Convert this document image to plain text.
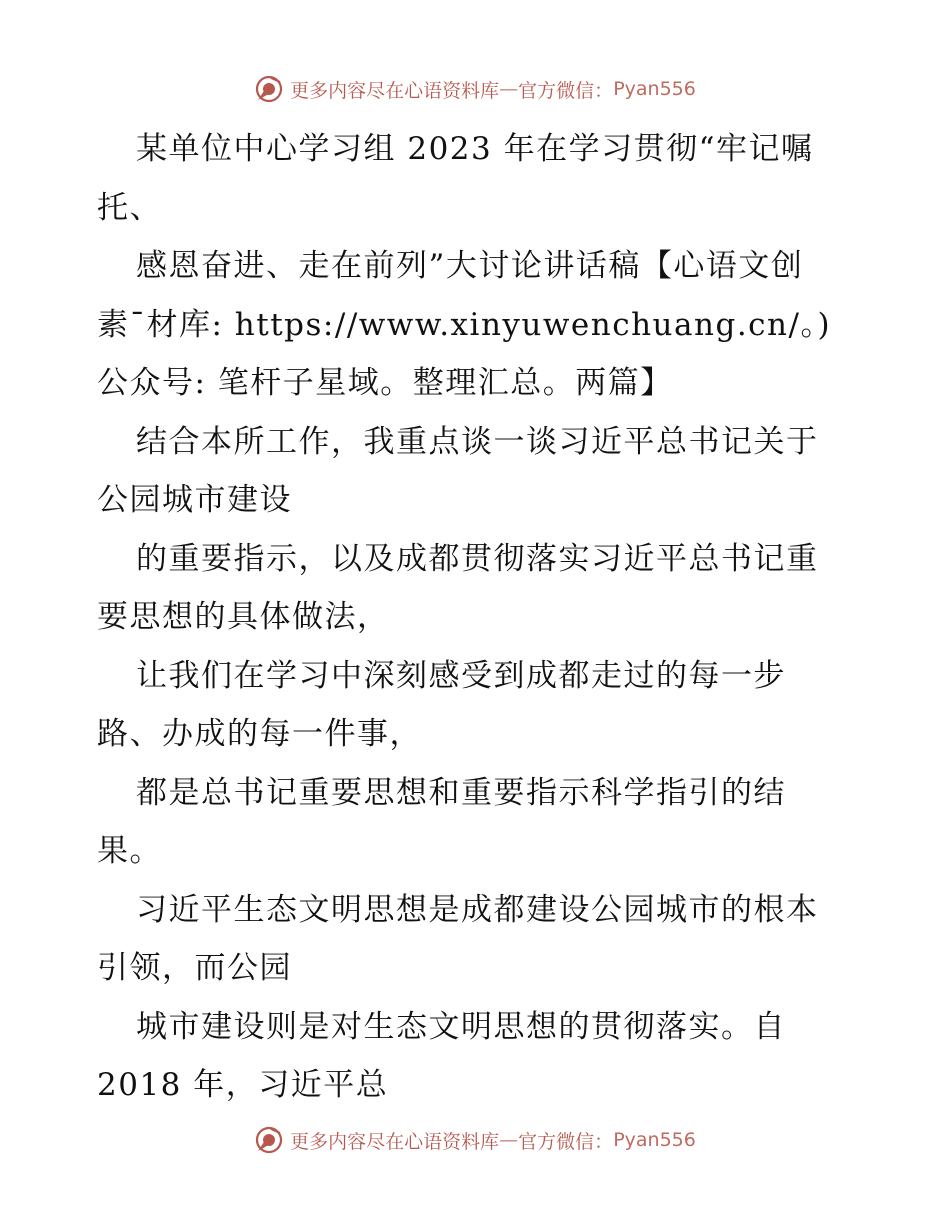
更多内容尽在心语资料库 — 官方微信： Pyan556

某单位中心学习组 2023 年在学习贯彻“牢记嘱

托、

感恩奋进、走在前列”大讨论讲话稿【心语文创

素¯材库: https://www.xinyuwenchuang.cn/。)

公众号: 笔杆子星域。整理汇总。两篇】

结合本所工作，我重点谈一谈习近平总书记关于

公园城市建设

的重要指示，以及成都贯彻落实习近平总书记重

要思想的具体做法，

让我们在学习中深刻感受到成都走过的每一步

路、办成的每一件事，

都是总书记重要思想和重要指示科学指引的结

果。

习近平生态文明思想是成都建设公园城市的根本

引领，而公园

城市建设则是对生态文明思想的贯彻落实。自

2018 年，习近平总

更多内容尽在心语资料库 — 官方微信： Pyan556
